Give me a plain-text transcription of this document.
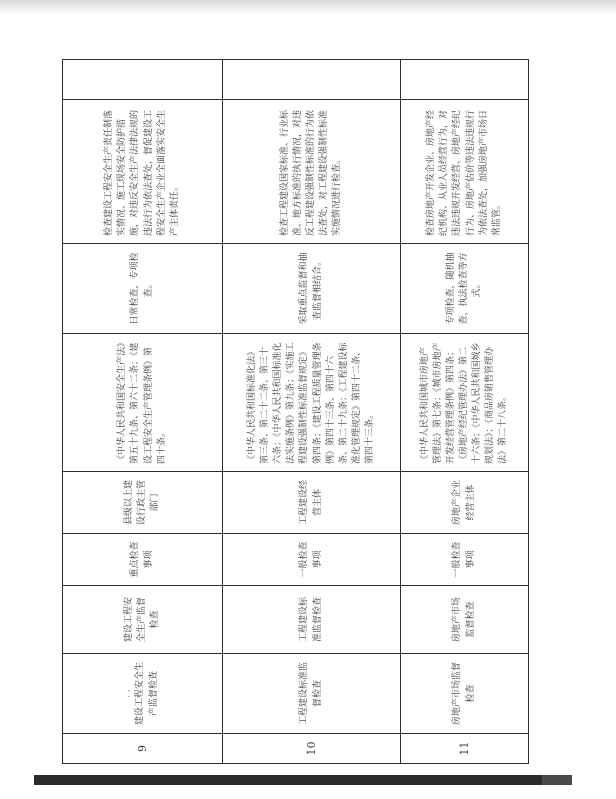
9	· · 建设工程安全生产监督检查	建设工程安全生产监督检查	重点检查事项	县级以上建设行政主管部门	《中华人民共和国安全生产法》第五十九条、第六十二条；《建设工程安全生产管理条例》第四十条。	日常检查，专项检查。	检查建设工程安全生产责任制落实情况、施工现场安全防护措施，对违反安全生产法律法规的违法行为依法查处，督促建设工程安全生产企业全面落实安全生产主体责任。	
10	工程建设标准监督检查	工程建设标准监督检查	一般检查事项	工程建设经营主体	《中华人民共和国标准化法》第三条、第二十二条、第三十六条；《中华人民共和国标准化法实施条例》第九条；《实施工程建设强制性标准监督规定》第四条；《建设工程质量管理条例》第四十三条、第四十六条、第二十九条；《工程建设标准化管理规定》第四十二条、第四十三条。	采取重点监督和抽查监督相结合。	检查工程建设国家标准、行业标准、地方标准的执行情况，对违反工程建设强制性标准的行为依法查处，对工程建设强制性标准实施情况进行检查。	
11	房地产市场监督检查	房地产市场监督检查	一般检查事项	房地产企业经营主体	《中华人民共和国城市房地产管理法》第七条；《城市房地产开发经营管理条例》第四条；《房地产经纪管理办法》第二十六条；《中华人民共和国城乡规划法》；《商品房销售管理办法》第二十八条。	专项检查，随机抽查，执法检查等方式。	检查房地产开发企业、房地产经纪机构、从业人员经营行为，对违法违规开发经营、房地产经纪行为、房地产估价等违法违规行为依法查处，加强房地产市场日常监管。	
